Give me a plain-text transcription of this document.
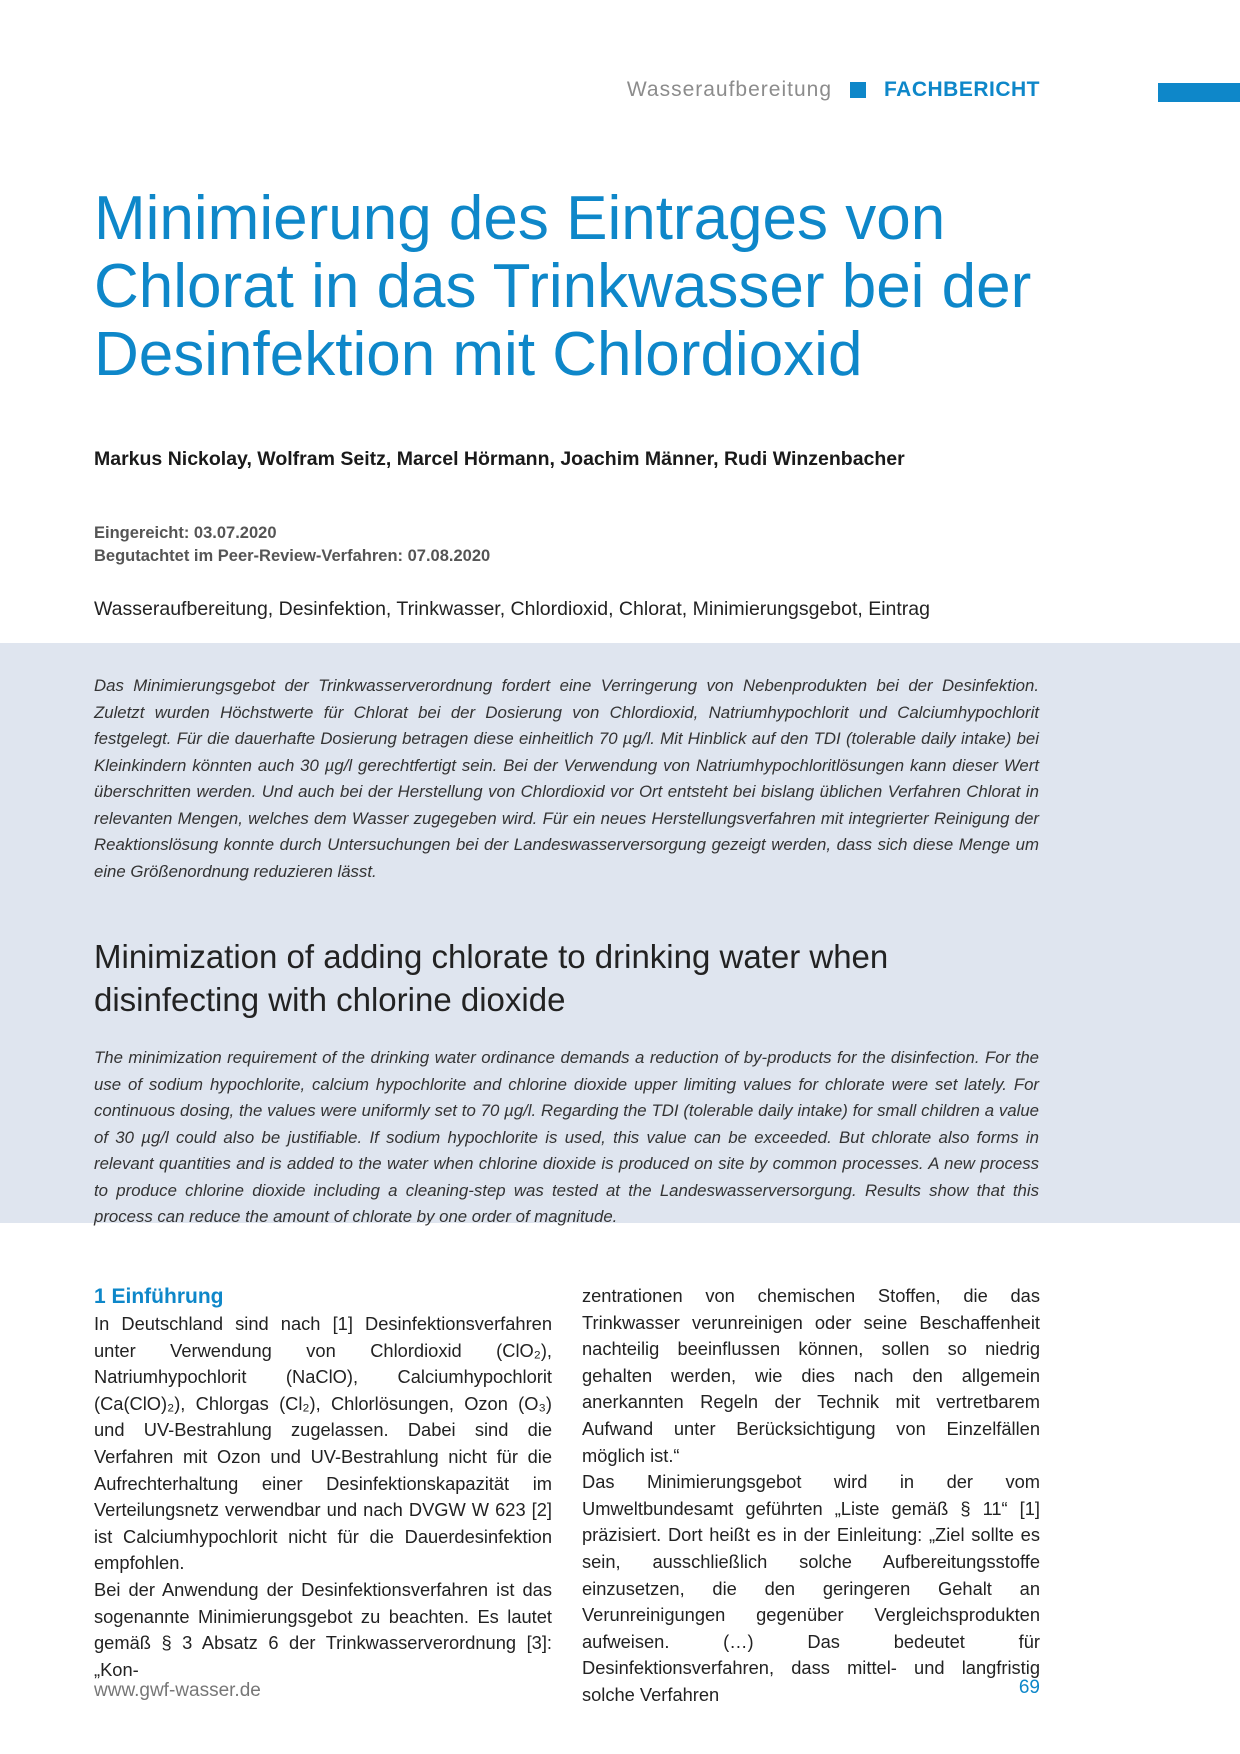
Wasseraufbereitung FACHBERICHT
Minimierung des Eintrages von
Chlorat in das Trinkwasser bei der
Desinfektion mit Chlordioxid
Markus Nickolay, Wolfram Seitz, Marcel Hörmann, Joachim Männer, Rudi Winzenbacher
Eingereicht: 03.07.2020
Begutachtet im Peer-Review-Verfahren: 07.08.2020
Wasseraufbereitung, Desinfektion, Trinkwasser, Chlordioxid, Chlorat, Minimierungsgebot, Eintrag

Das Minimierungsgebot der Trinkwasserverordnung fordert eine Verringerung von Nebenprodukten bei der Desinfektion. Zuletzt wurden Höchstwerte für Chlorat bei der Dosierung von Chlordioxid, Natriumhypochlorit und Calciumhypochlorit festgelegt. Für die dauerhafte Dosierung betragen diese einheitlich 70 µg/l. Mit Hinblick auf den TDI (tolerable daily intake) bei Kleinkindern könnten auch 30 µg/l gerechtfertigt sein. Bei der Verwendung von Natriumhypochloritlösungen kann dieser Wert überschritten werden. Und auch bei der Herstellung von Chlordioxid vor Ort entsteht bei bislang üblichen Verfahren Chlorat in relevanten Mengen, welches dem Wasser zugegeben wird. Für ein neues Herstellungsverfahren mit integrierter Reinigung der Reaktionslösung konnte durch Untersuchungen bei der Landeswasserversorgung gezeigt werden, dass sich diese Menge um eine Größenordnung reduzieren lässt.

Minimization of adding chlorate to drinking water when
disinfecting with chlorine dioxide

The minimization requirement of the drinking water ordinance demands a reduction of by-products for the disinfection. For the use of sodium hypochlorite, calcium hypochlorite and chlorine dioxide upper limiting values for chlorate were set lately. For continuous dosing, the values were uniformly set to 70 µg/l. Regarding the TDI (tolerable daily intake) for small children a value of 30 µg/l could also be justifiable. If sodium hypochlorite is used, this value can be exceeded. But chlorate also forms in relevant quantities and is added to the water when chlorine dioxide is produced on site by common processes. A new process to produce chlorine dioxide including a cleaning-step was tested at the Landeswasserversorgung. Results show that this process can reduce the amount of chlorate by one order of magnitude.

1 Einführung

In Deutschland sind nach [1] Desinfektionsverfahren unter Verwendung von Chlordioxid (ClO₂), Natriumhypochlorit (NaClO), Calciumhypochlorit (Ca(ClO)₂), Chlorgas (Cl₂), Chlorlösungen, Ozon (O₃) und UV-Bestrahlung zugelassen. Dabei sind die Verfahren mit Ozon und UV-Bestrahlung nicht für die Aufrechterhaltung einer Desinfektionskapazität im Verteilungsnetz verwendbar und nach DVGW W 623 [2] ist Calciumhypochlorit nicht für die Dauerdesinfektion empfohlen.

Bei der Anwendung der Desinfektionsverfahren ist das sogenannte Minimierungsgebot zu beachten. Es lautet gemäß § 3 Absatz 6 der Trinkwasserverordnung [3]: „Kon-

zentrationen von chemischen Stoffen, die das Trinkwasser verunreinigen oder seine Beschaffenheit nachteilig beeinflussen können, sollen so niedrig gehalten werden, wie dies nach den allgemein anerkannten Regeln der Technik mit vertretbarem Aufwand unter Berücksichtigung von Einzelfällen möglich ist.“

Das Minimierungsgebot wird in der vom Umweltbundesamt geführten „Liste gemäß § 11“ [1] präzisiert. Dort heißt es in der Einleitung: „Ziel sollte es sein, ausschließlich solche Aufbereitungsstoffe einzusetzen, die den geringeren Gehalt an Verunreinigungen gegenüber Vergleichsprodukten aufweisen. (…) Das bedeutet für Desinfektionsverfahren, dass mittel- und langfristig solche Verfahren

www.gwf-wasser.de	69
